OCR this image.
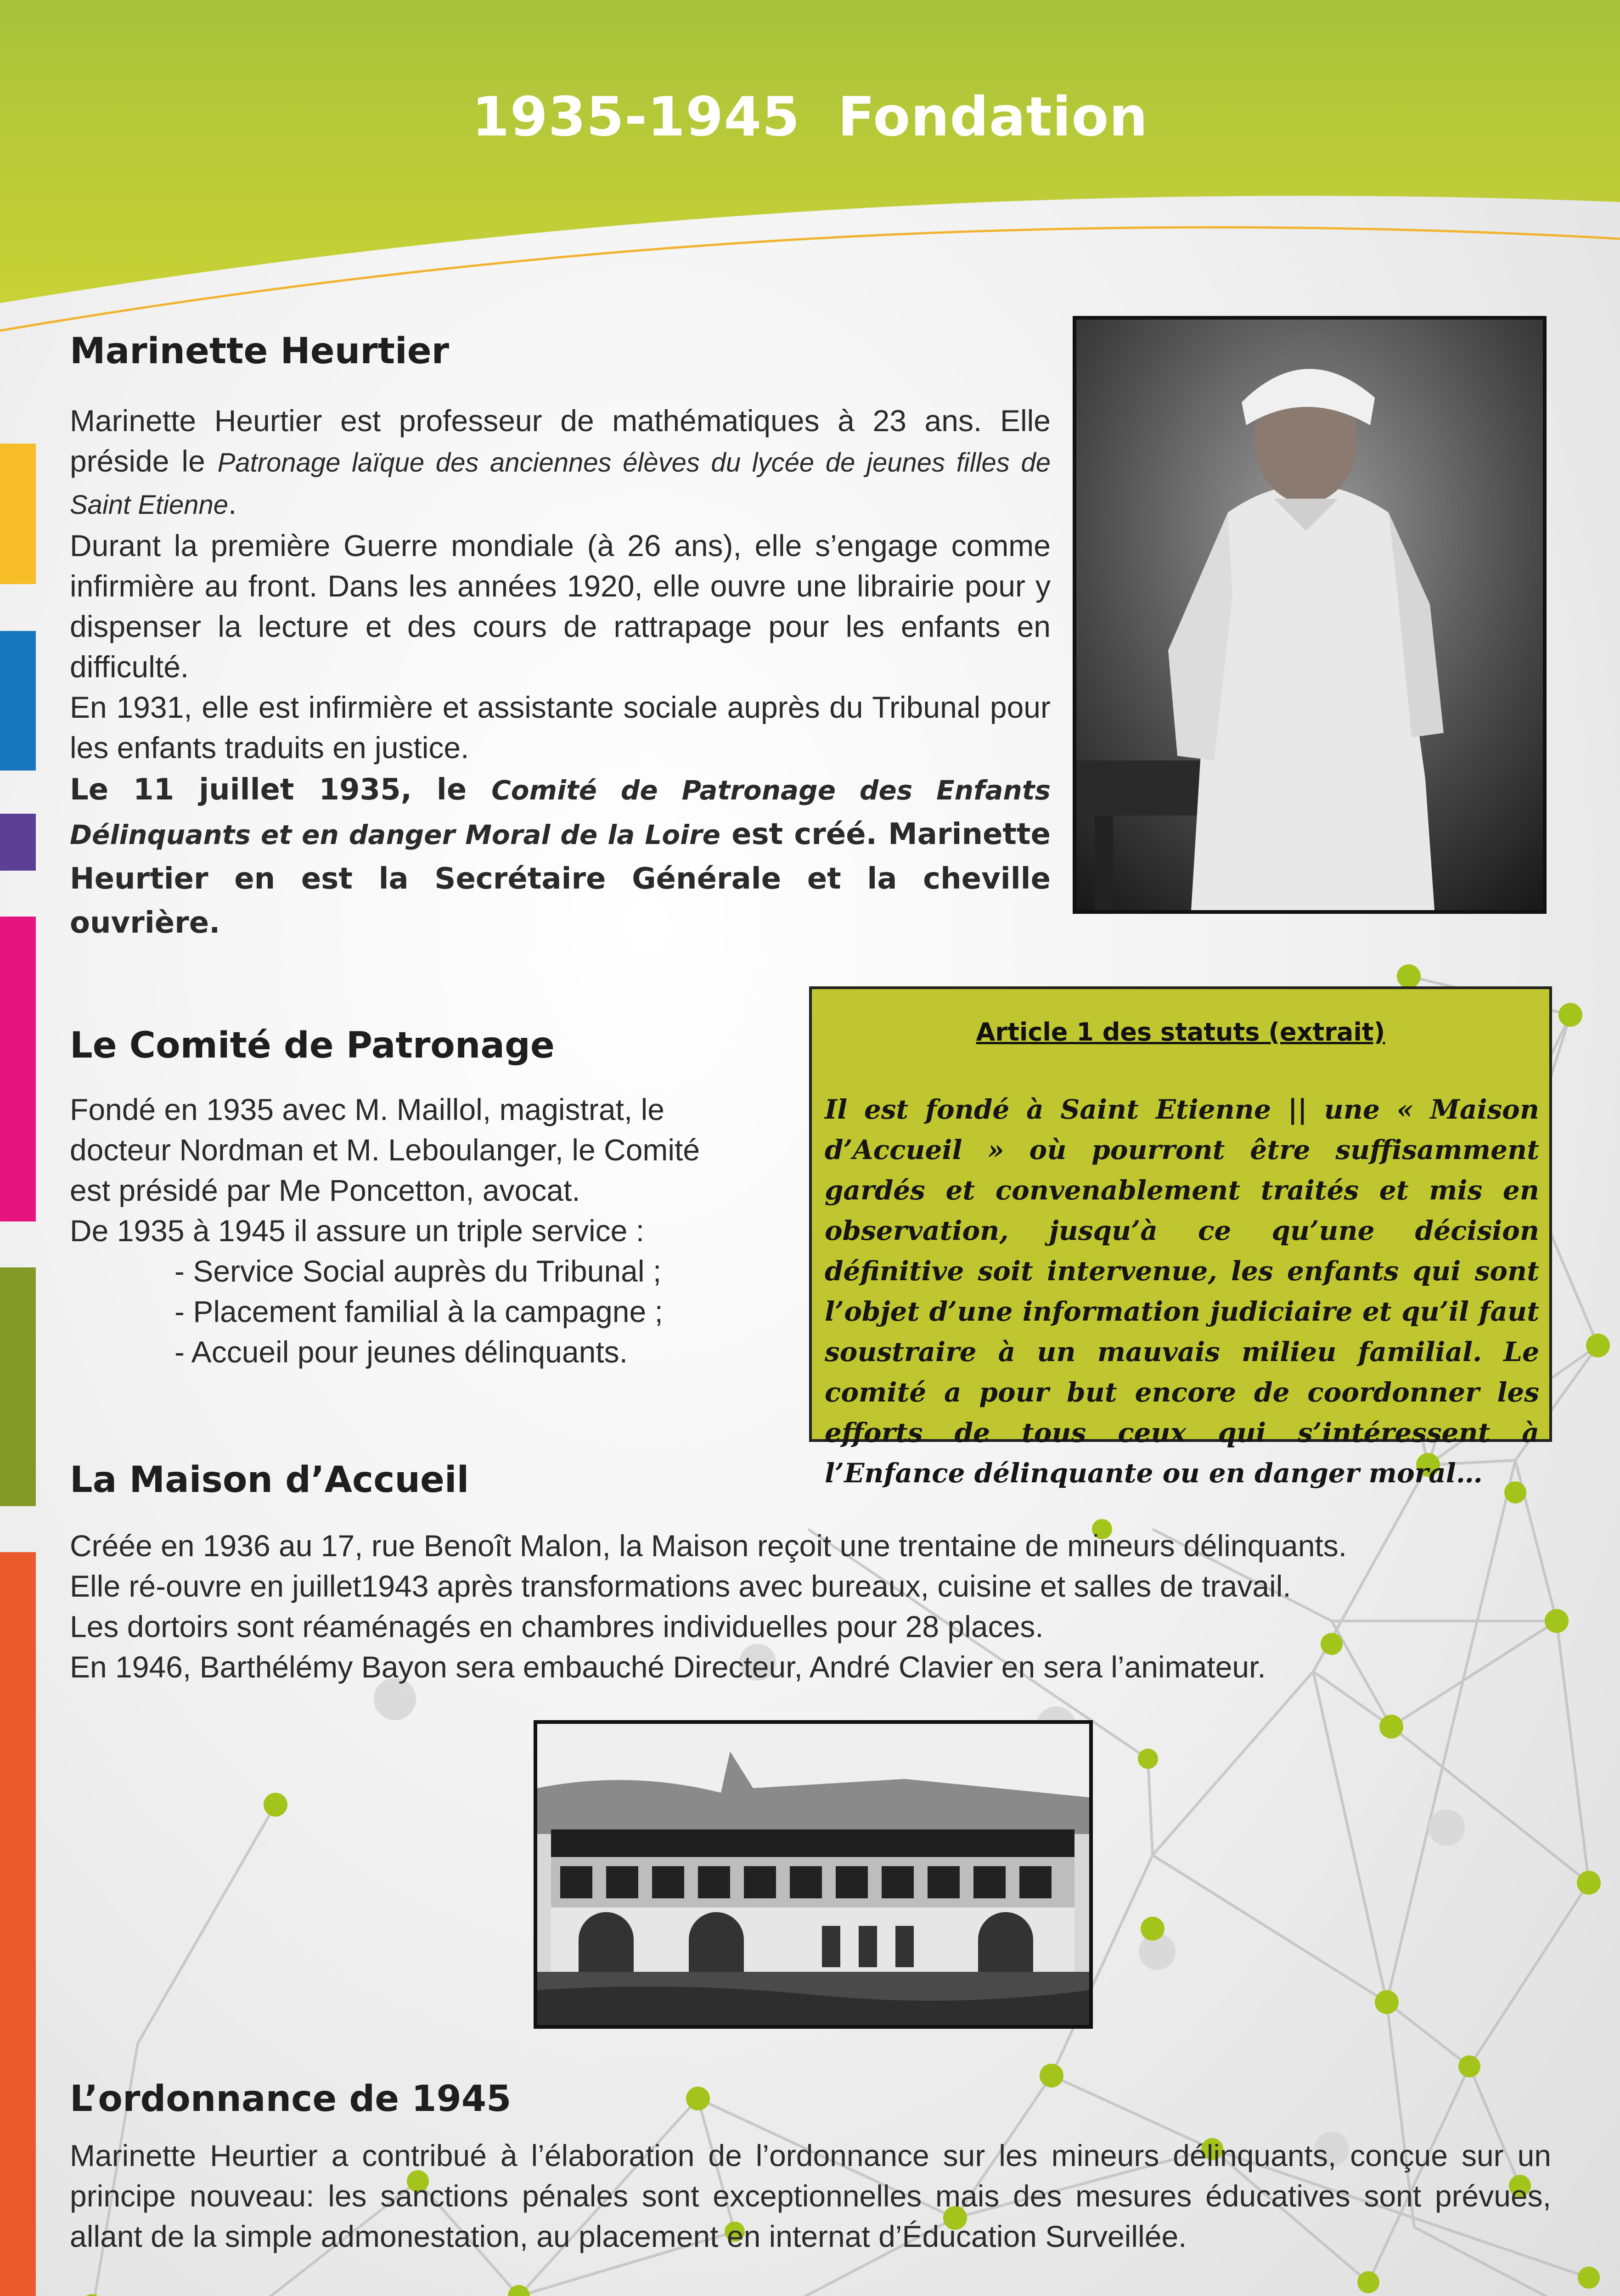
1935-1945 Fondation
Marinette Heurtier

Marinette Heurtier est professeur de mathématiques à 23 ans. Elle préside le Patronage laïque des anciennes élèves du lycée de jeunes filles de Saint Etienne.

Durant la première Guerre mondiale (à 26 ans), elle s’engage comme infirmière au front. Dans les années 1920, elle ouvre une librairie pour y dispenser la lecture et des cours de rattrapage pour les enfants en difficulté.

En 1931, elle est infirmière et assistante sociale auprès du Tribunal pour les enfants traduits en justice.

Le 11 juillet 1935, le Comité de Patronage des Enfants Délinquants et en danger Moral de la Loire est créé. Marinette Heurtier en est la Secrétaire Générale et la cheville ouvrière.

Le Comité de Patronage

Fondé en 1935 avec M. Maillol, magistrat, le

docteur Nordman et M. Leboulanger, le Comité

est présidé par Me Poncetton, avocat.

De 1935 à 1945 il assure un triple service :

- Service Social auprès du Tribunal ;

- Placement familial à la campagne ;

- Accueil pour jeunes délinquants.

Article 1 des statuts (extrait)
Il est fondé à Saint Etienne || une « Maison d’Accueil » où pourront être suffisamment gardés et convenablement traités et mis en observation, jusqu’à ce qu’une décision définitive soit intervenue, les enfants qui sont l’objet d’une information judiciaire et qu’il faut soustraire à un mauvais milieu familial. Le comité a pour but encore de coordonner les efforts de tous ceux qui s’intéressent à l’Enfance délinquante ou en danger moral…
La Maison d’Accueil

Créée en 1936 au 17, rue Benoît Malon, la Maison reçoit une trentaine de mineurs délinquants.

Elle ré-ouvre en juillet1943 après transformations avec bureaux, cuisine et salles de travail.

Les dortoirs sont réaménagés en chambres individuelles pour 28 places.

En 1946, Barthélémy Bayon sera embauché Directeur, André Clavier en sera l’animateur.

L’ordonnance de 1945
Marinette Heurtier a contribué à l’élaboration de l’ordonnance sur les mineurs délinquants, conçue sur un principe nouveau: les sanctions pénales sont exceptionnelles mais des mesures éducatives sont prévues, allant de la simple admonestation, au placement en internat d’Éducation Surveillée.
